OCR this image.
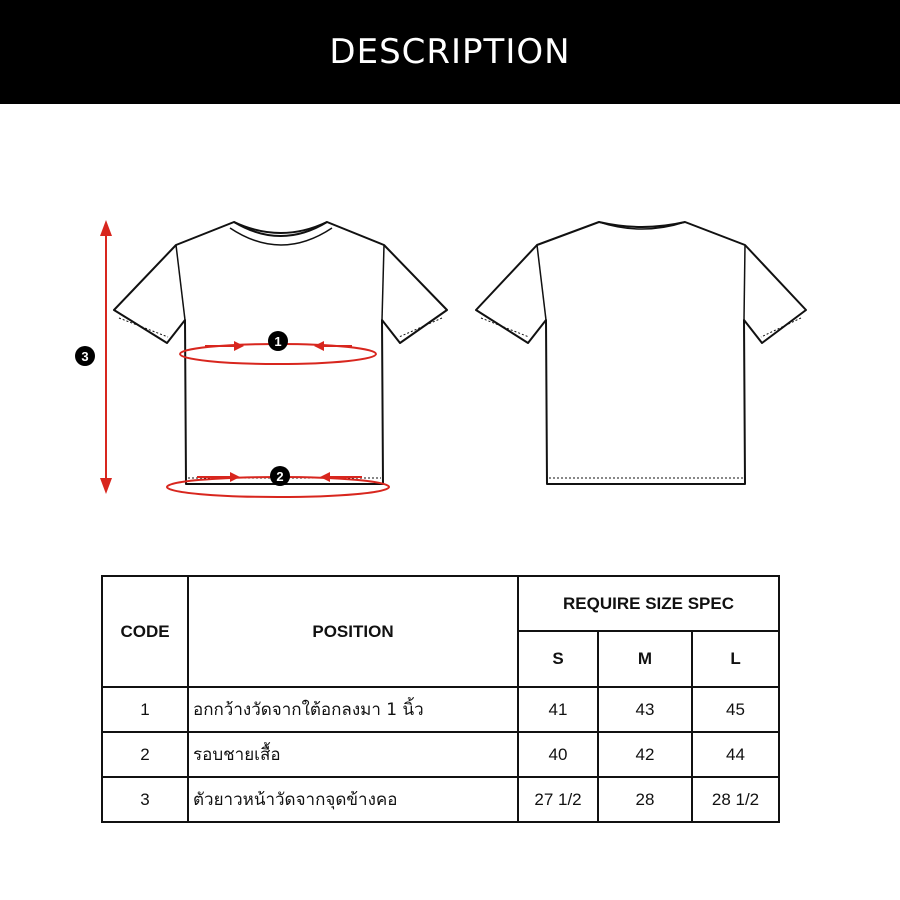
DESCRIPTION
1
2
3
CODE	POSITION	REQUIRE SIZE SPEC		
		S	M	L
1	อกกว้างวัดจากใต้อกลงมา 1 นิ้ว	41	43	45
2	รอบชายเสื้อ	40	42	44
3	ตัวยาวหน้าวัดจากจุดข้างคอ	27 1/2	28	28 1/2
